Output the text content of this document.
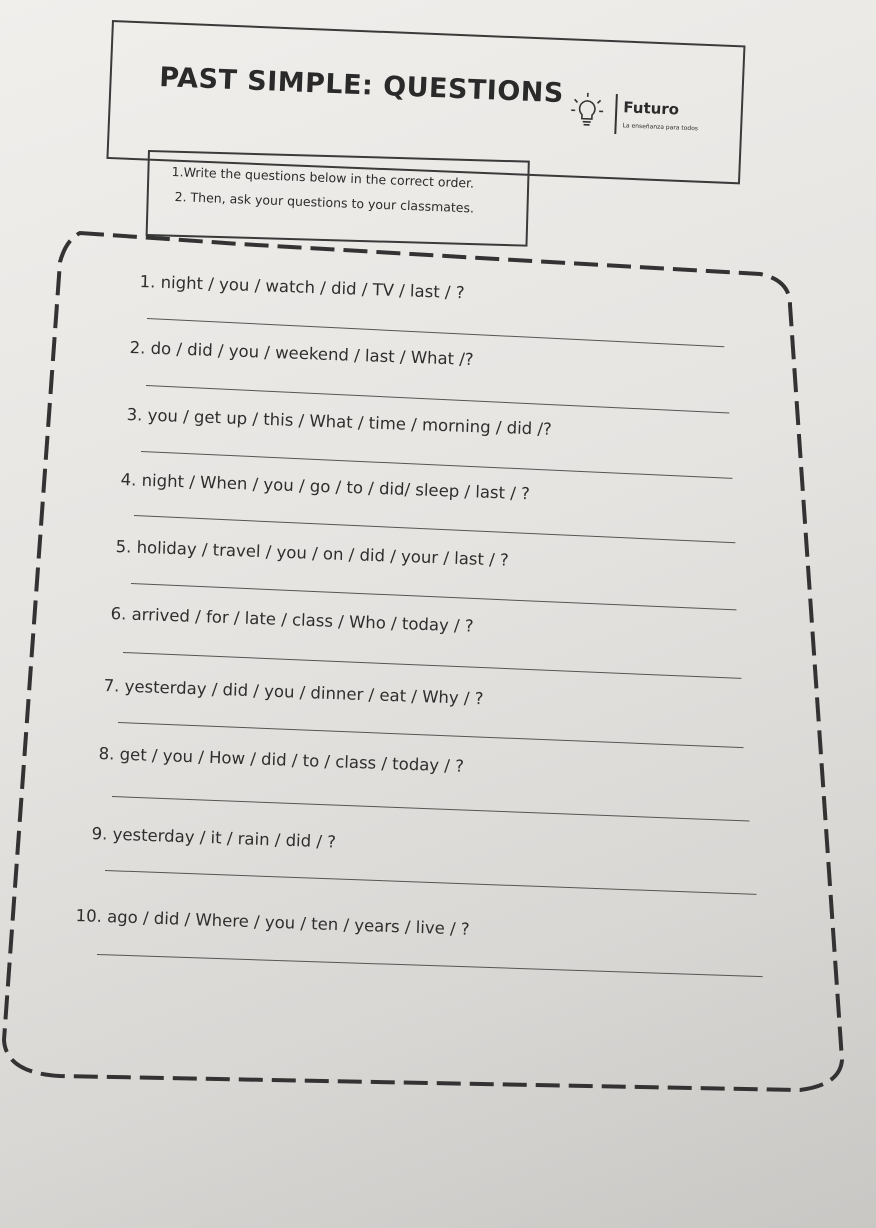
PAST SIMPLE: QUESTIONS	Futuro
La enseñanza para todos
1.Write the questions below in the correct order.
2. Then, ask your questions to your classmates.
1. night / you / watch / did / TV / last / ?
2. do / did / you / weekend / last / What /?
3. you / get up / this / What / time / morning / did /?
4. night / When / you / go / to / did/ sleep / last / ?
5. holiday / travel / you / on / did / your / last / ?
6. arrived / for / late / class / Who / today / ?
7. yesterday / did / you / dinner / eat / Why / ?
8. get / you / How / did / to / class / today / ?
9. yesterday / it / rain / did / ?
10. ago / did / Where / you / ten / years / live / ?
